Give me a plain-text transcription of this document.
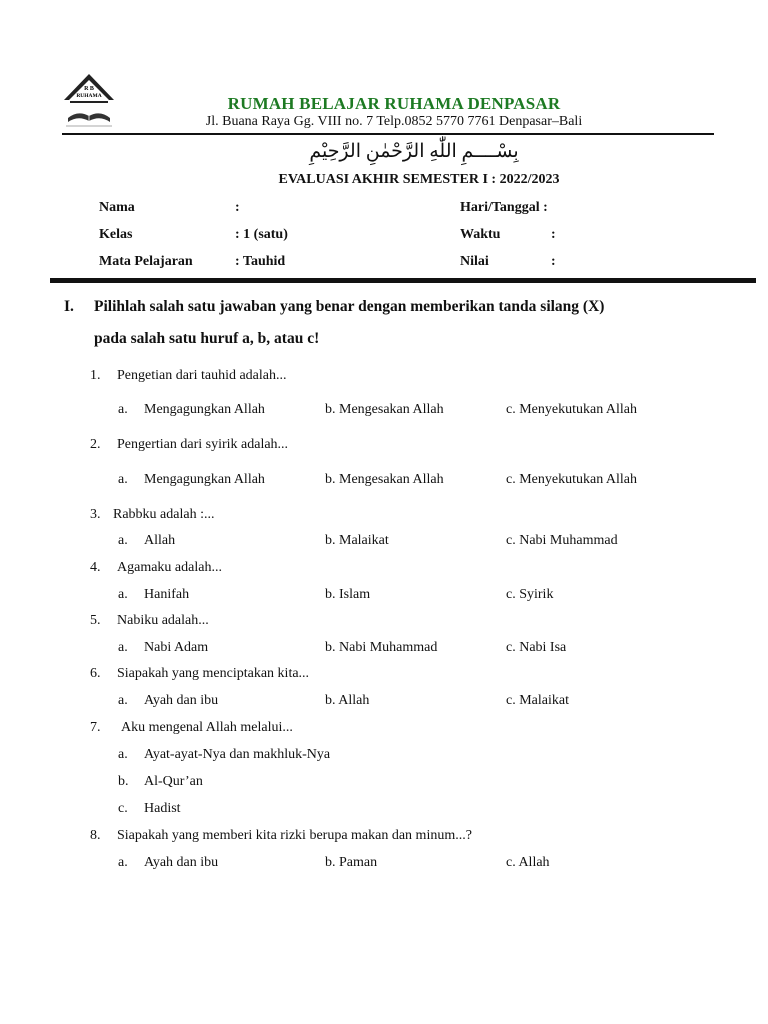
R B
RUHAMA	RUMAH BELAJAR RUHAMA DENPASAR
Jl. Buana Raya Gg. VIII no. 7 Telp.0852 5770 7761 Denpasar–Bali
بِسْــــمِ اللّٰهِ الرَّحْمٰنِ الرَّحِيْمِ
EVALUASI AKHIR SEMESTER I : 2022/2023
Nama	:	Hari/Tanggal :
Kelas	: 1 (satu)	Waktu	:
Mata Pelajaran	: Tauhid	Nilai	:
I. Pilihlah salah satu jawaban yang benar dengan memberikan tanda silang (X)
pada salah satu huruf a, b, atau c!
1. Pengetian dari tauhid adalah...
a. Mengagungkan Allah	b. Mengesakan Allah	c. Menyekutukan Allah
2. Pengertian dari syirik adalah...
a. Mengagungkan Allah	b. Mengesakan Allah	c. Menyekutukan Allah
3. Rabbku adalah :...
a. Allah	b. Malaikat	c. Nabi Muhammad
4. Agamaku adalah...
a. Hanifah	b. Islam	c. Syirik
5. Nabiku adalah...
a. Nabi Adam	b. Nabi Muhammad	c. Nabi Isa
6. Siapakah yang menciptakan kita...
a. Ayah dan ibu	b. Allah	c. Malaikat
7. Aku mengenal Allah melalui...
a. Ayat-ayat-Nya dan makhluk-Nya
b. Al-Qur’an
c. Hadist
8. Siapakah yang memberi kita rizki berupa makan dan minum...?
a. Ayah dan ibu	b. Paman	c. Allah
